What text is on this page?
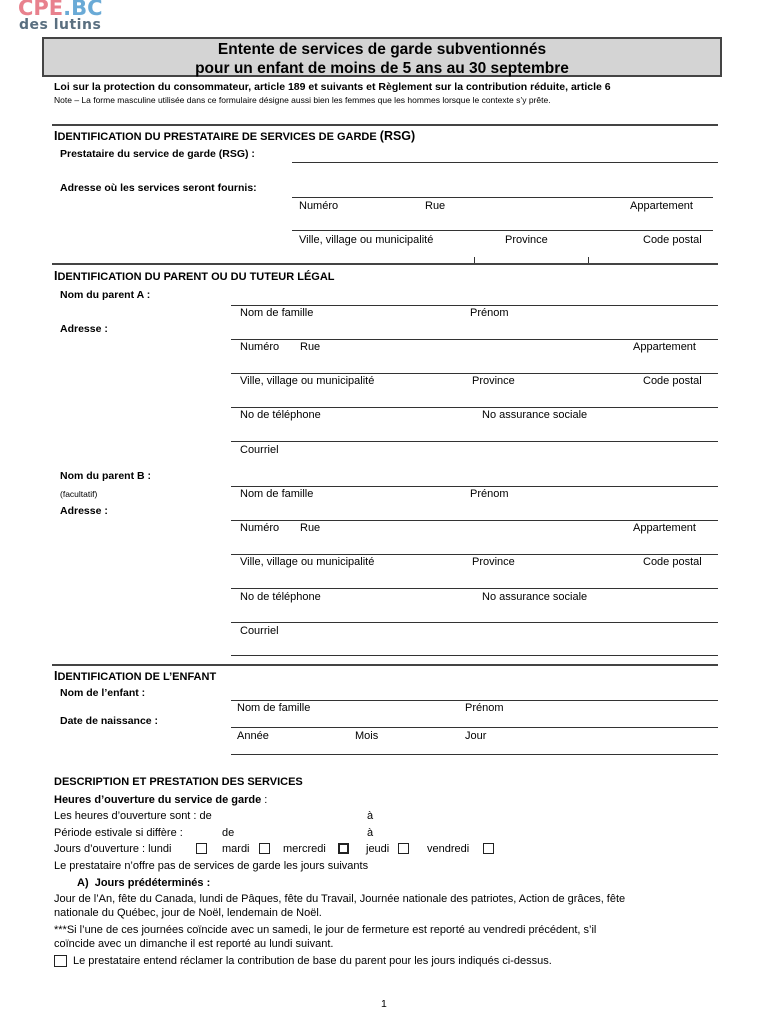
CPE.BC
des lutins
Entente de services de garde subventionnés
pour un enfant de moins de 5 ans au 30 septembre
Loi sur la protection du consommateur, article 189 et suivants et Règlement sur la contribution réduite, article 6
Note – La forme masculine utilisée dans ce formulaire désigne aussi bien les femmes que les hommes lorsque le contexte s’y prête.
IDENTIFICATION DU PRESTATAIRE DE SERVICES DE GARDE (RSG)
Prestataire du service de garde (RSG) :
Adresse où les services seront fournis:
Numéro	Rue	Appartement
Ville, village ou municipalité	Province	Code postal
IDENTIFICATION DU PARENT OU DU TUTEUR LÉGAL
Nom du parent A :
Nom de famille	Prénom
Adresse :
Numéro Rue	Appartement
Ville, village ou municipalité	Province	Code postal
No de téléphone	No assurance sociale
Courriel
Nom du parent B :
(facultatif)	Nom de famille	Prénom
Adresse :
Numéro Rue	Appartement
Ville, village ou municipalité	Province	Code postal
No de téléphone	No assurance sociale
Courriel
IDENTIFICATION DE L’ENFANT
Nom de l’enfant :
Nom de famille	Prénom
Date de naissance :
Année	Mois	Jour
DESCRIPTION ET PRESTATION DES SERVICES
Heures d’ouverture du service de garde :
Les heures d’ouverture sont : de	à
Période estivale si diffère :	de	à
Jours d’ouverture : lundi	mardi	mercredi	jeudi	vendredi
Le prestataire n’offre pas de services de garde les jours suivants
A)  Jours prédéterminés :
Jour de l’An, fête du Canada, lundi de Pâques, fête du Travail, Journée nationale des patriotes, Action de grâces, fête
nationale du Québec, jour de Noël, lendemain de Noël.
***Si l’une de ces journées coïncide avec un samedi, le jour de fermeture est reporté au vendredi précédent, s’il
coïncide avec un dimanche il est reporté au lundi suivant.
Le prestataire entend réclamer la contribution de base du parent pour les jours indiqués ci-dessus.
1
